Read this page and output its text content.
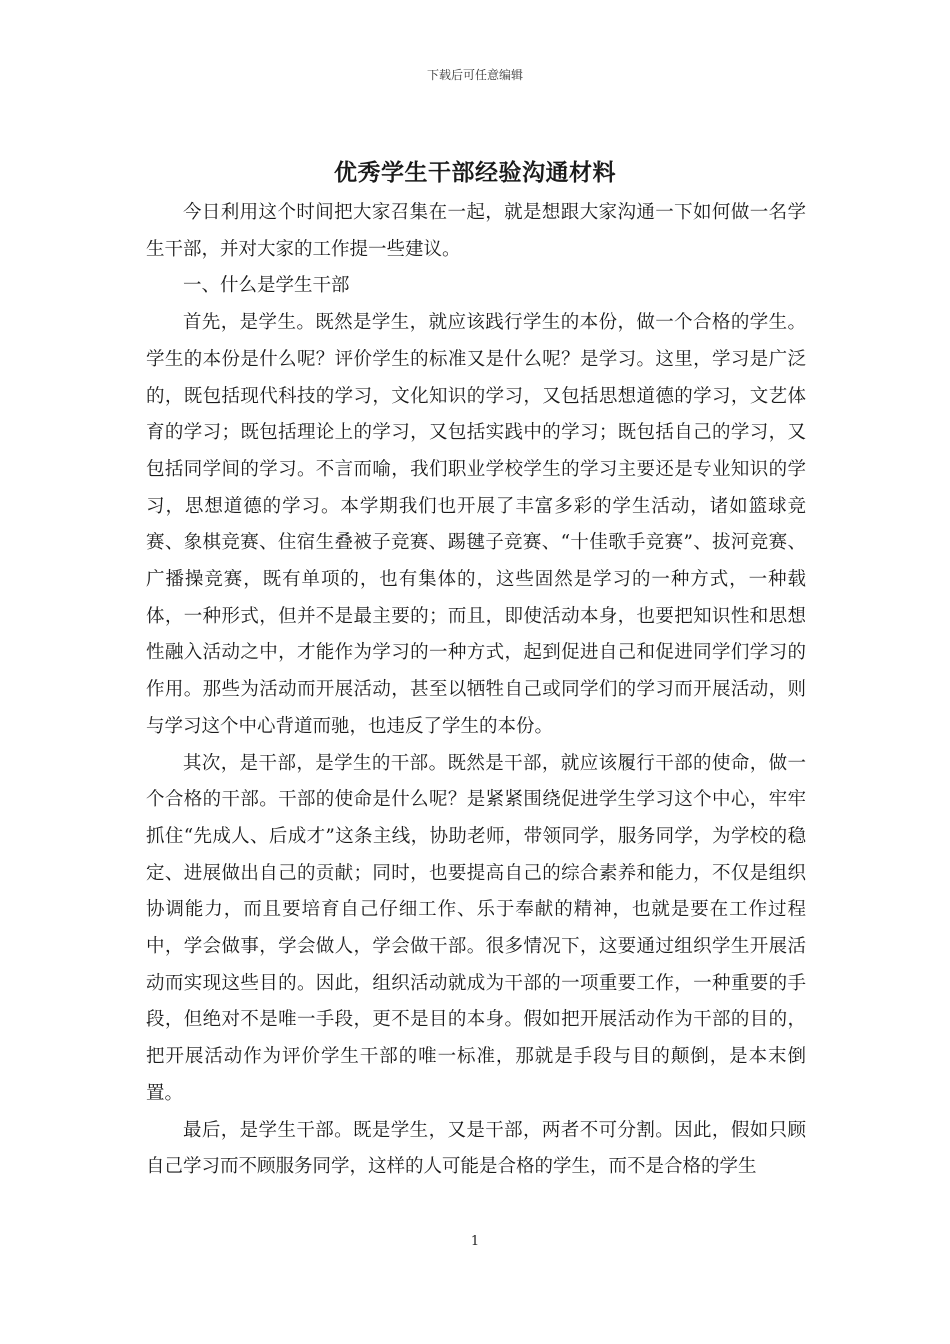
下载后可任意编辑
优秀学生干部经验沟通材料

今日利用这个时间把大家召集在一起，就是想跟大家沟通一下如何做一名学生干部，并对大家的工作提一些建议。

一、什么是学生干部

首先，是学生。既然是学生，就应该践行学生的本份，做一个合格的学生。学生的本份是什么呢？评价学生的标准又是什么呢？是学习。这里，学习是广泛的，既包括现代科技的学习，文化知识的学习，又包括思想道德的学习，文艺体育的学习；既包括理论上的学习，又包括实践中的学习；既包括自己的学习，又包括同学间的学习。不言而喻，我们职业学校学生的学习主要还是专业知识的学习，思想道德的学习。本学期我们也开展了丰富多彩的学生活动，诸如篮球竞赛、象棋竞赛、住宿生叠被子竞赛、踢毽子竞赛、“十佳歌手竞赛”、拔河竞赛、广播操竞赛，既有单项的，也有集体的，这些固然是学习的一种方式，一种载体，一种形式，但并不是最主要的；而且，即使活动本身，也要把知识性和思想性融入活动之中，才能作为学习的一种方式，起到促进自己和促进同学们学习的作用。那些为活动而开展活动，甚至以牺牲自己或同学们的学习而开展活动，则与学习这个中心背道而驰，也违反了学生的本份。

其次，是干部，是学生的干部。既然是干部，就应该履行干部的使命，做一个合格的干部。干部的使命是什么呢？是紧紧围绕促进学生学习这个中心，牢牢抓住“先成人、后成才”这条主线，协助老师，带领同学，服务同学，为学校的稳定、进展做出自己的贡献；同时，也要提高自己的综合素养和能力，不仅是组织协调能力，而且要培育自己仔细工作、乐于奉献的精神，也就是要在工作过程中，学会做事，学会做人，学会做干部。很多情况下，这要通过组织学生开展活动而实现这些目的。因此，组织活动就成为干部的一项重要工作，一种重要的手段，但绝对不是唯一手段，更不是目的本身。假如把开展活动作为干部的目的，把开展活动作为评价学生干部的唯一标准，那就是手段与目的颠倒，是本末倒置。

最后，是学生干部。既是学生，又是干部，两者不可分割。因此，假如只顾自己学习而不顾服务同学，这样的人可能是合格的学生，而不是合格的学生

1
